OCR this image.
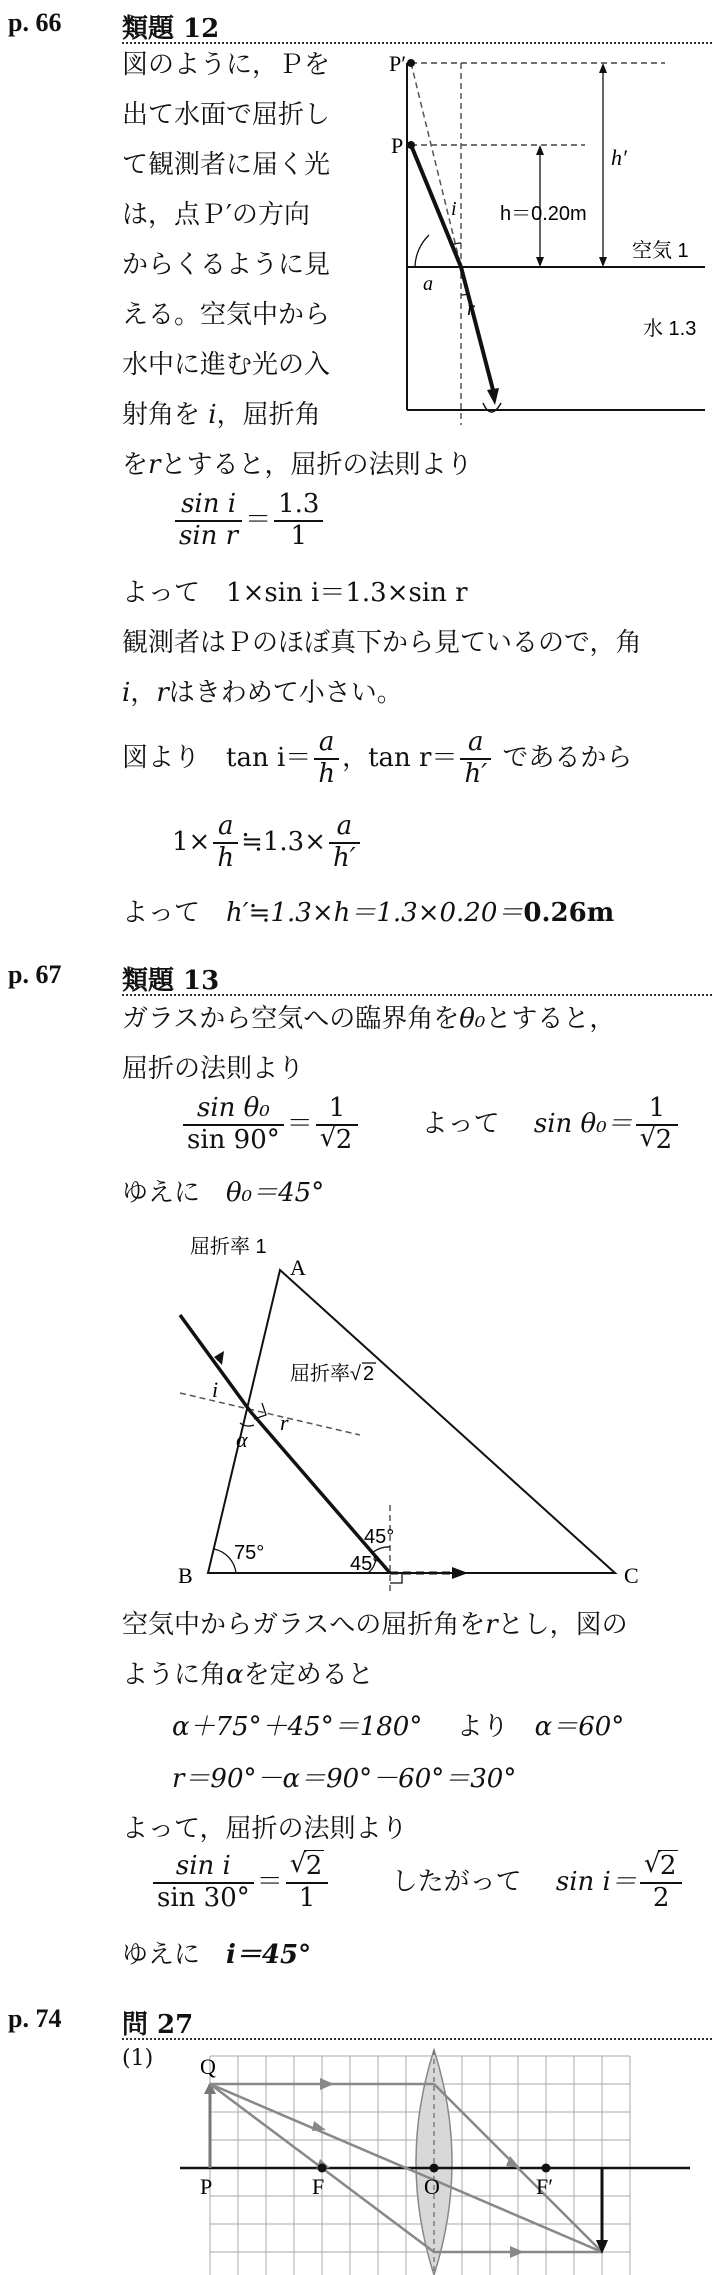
p. 66 類題 12
図のように，Ｐを
出て水面で屈折し
て観測者に届く光
は，点Ｐ′の方向
からくるように見
える。空気中から
水中に進む光の入
射角を i，屈折角
をrとすると，屈折の法則より
P′
P	h′
h＝0.20m
i
a
r
空気 1
水 1.3
$\frac{\text{sin i}}{\text{sin r}} = \frac{1.3}{1}$
よって　 1×sin i＝1.3×sin r
観測者はＰのほぼ真下から見ているので，角
i，rはきわめて小さい。
図より　 $\tan i= \frac{a}{h}$ ，$\tan r= \frac{a}{h'}$ であるから
$1\times \frac{a}{h}$ ≒1.3× $\frac{a}{h'}$
よって　 h′≒1.3×h＝1.3×0.20＝0.26m
p. 67 類題 13
ガラスから空気への臨界角をθ₀とすると，
屈折の法則より
$\frac{\text{sin θ₀}}{\sin 90^\circ} = 1$
√ 2
　　 よって　 sin θ₀＝ 1
√ 2
ゆえに　 θ₀＝45°
屈折率 1
A
B	C
i
r
α
屈折率 √ 2
75°	45°
45°
空気中からガラスへの屈折角をrとし，図の
ように角αを定めると
α＋75°＋45°＝180°　 より　 α＝60°
r＝90°－α＝90°－60°＝30°
よって，屈折の法則より
$\frac{\text{sin i}}{\sin 30^\circ}$ ＝ √ $\frac{2}{1}$
　　 したがって　 sin i＝ √ $\frac{2}{2}$
ゆえに　 i＝45°
p. 74 問 27
(1) Q
P	F	O	F′
